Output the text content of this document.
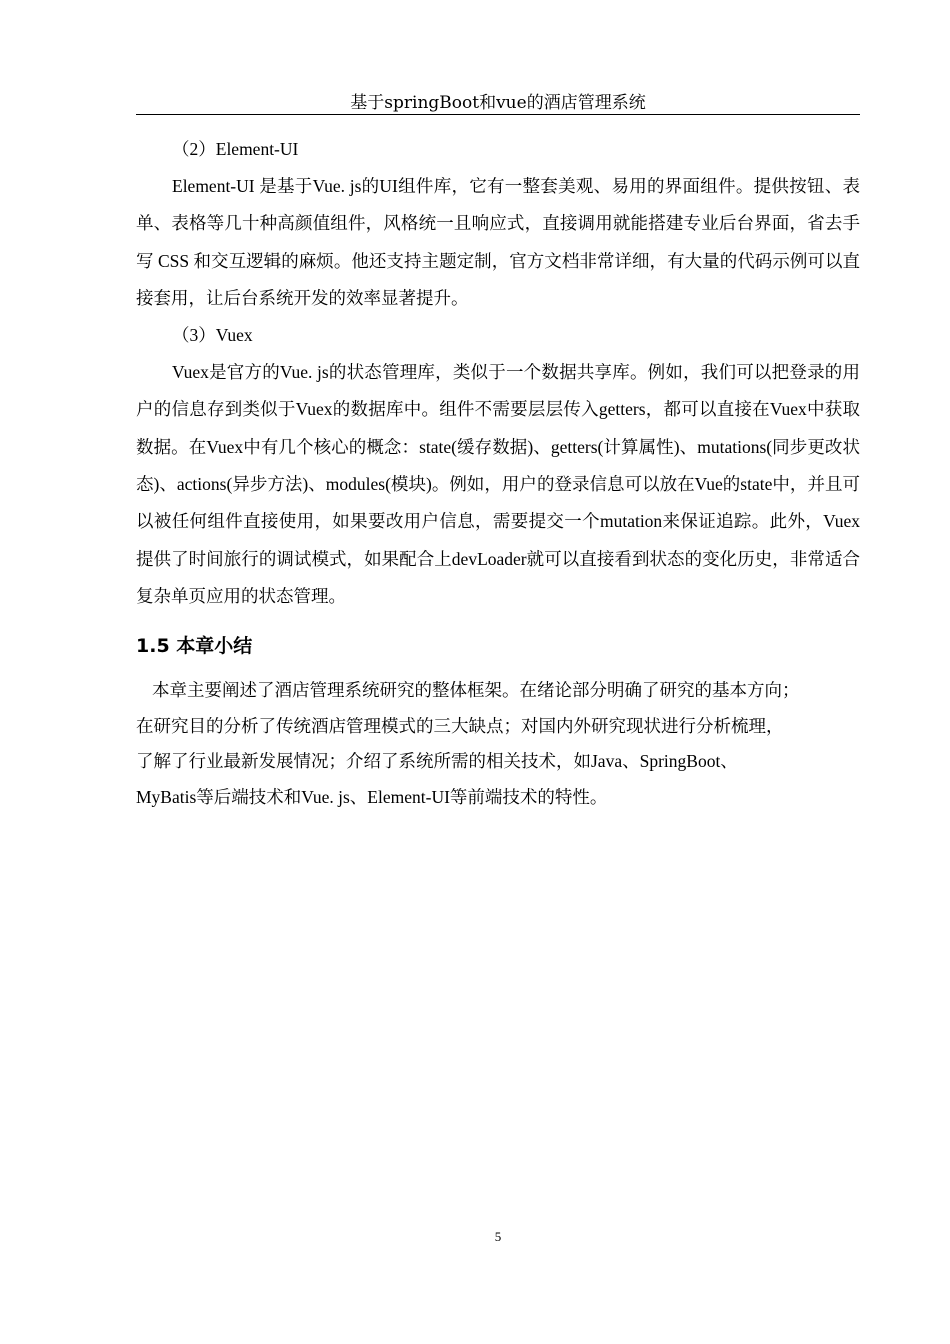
基于springBoot和vue的酒店管理系统

（2）Element-UI

Element-UI 是基于Vue. js的UI组件库，它有一整套美观、易用的界面组件。提供按钮、表单、表格等几十种高颜值组件，风格统一且响应式，直接调用就能搭建专业后台界面，省去手写 CSS 和交互逻辑的麻烦。他还支持主题定制，官方文档非常详细，有大量的代码示例可以直接套用，让后台系统开发的效率显著提升。

（3）Vuex

Vuex是官方的Vue. js的状态管理库，类似于一个数据共享库。例如，我们可以把登录的用户的信息存到类似于Vuex的数据库中。组件不需要层层传入getters，都可以直接在Vuex中获取数据。在Vuex中有几个核心的概念：state(缓存数据)、getters(计算属性)、mutations(同步更改状态)、actions(异步方法)、modules(模块)。例如，用户的登录信息可以放在Vue的state中，并且可以被任何组件直接使用，如果要改用户信息，需要提交一个mutation来保证追踪。此外，Vuex提供了时间旅行的调试模式，如果配合上devLoader就可以直接看到状态的变化历史，非常适合复杂单页应用的状态管理。

1.5 本章小结

本章主要阐述了酒店管理系统研究的整体框架。在绪论部分明确了研究的基本方向；
在研究目的分析了传统酒店管理模式的三大缺点；对国内外研究现状进行分析梳理，
了解了行业最新发展情况；介绍了系统所需的相关技术，如Java、SpringBoot、
MyBatis等后端技术和Vue. js、Element-UI等前端技术的特性。

5
